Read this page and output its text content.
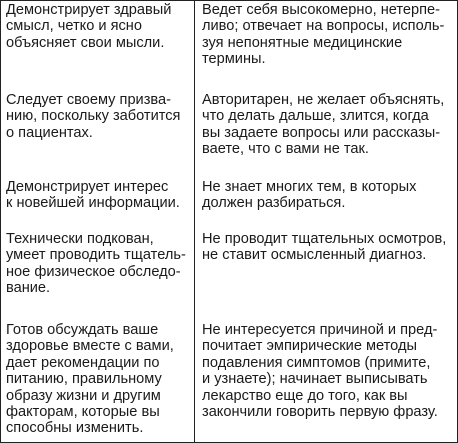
Демонстрирует здравый
смысл, четко и ясно
объясняет свои мысли.

Ведет себя высокомерно, нетерпе-
ливо; отвечает на вопросы, исполь-
зуя непонятные медицинские
термины.

Следует своему призва-
нию, поскольку заботится
о пациентах.

Авторитарен, не желает объяснять,
что делать дальше, злится, когда
вы задаете вопросы или рассказы-
ваете, что с вами не так.

Демонстрирует интерес
к новейшей информации.

Не знает многих тем, в которых
должен разбираться.

Технически подкован,
умеет проводить тщатель-
ное физическое обследо-
вание.

Не проводит тщательных осмотров,
не ставит осмысленный диагноз.

Готов обсуждать ваше
здоровье вместе с вами,
дает рекомендации по
питанию, правильному
образу жизни и другим
факторам, которые вы
способны изменить.

Не интересуется причиной и пред-
почитает эмпирические методы
подавления симптомов (примите,
и узнаете); начинает выписывать
лекарство еще до того, как вы
закончили говорить первую фразу.
